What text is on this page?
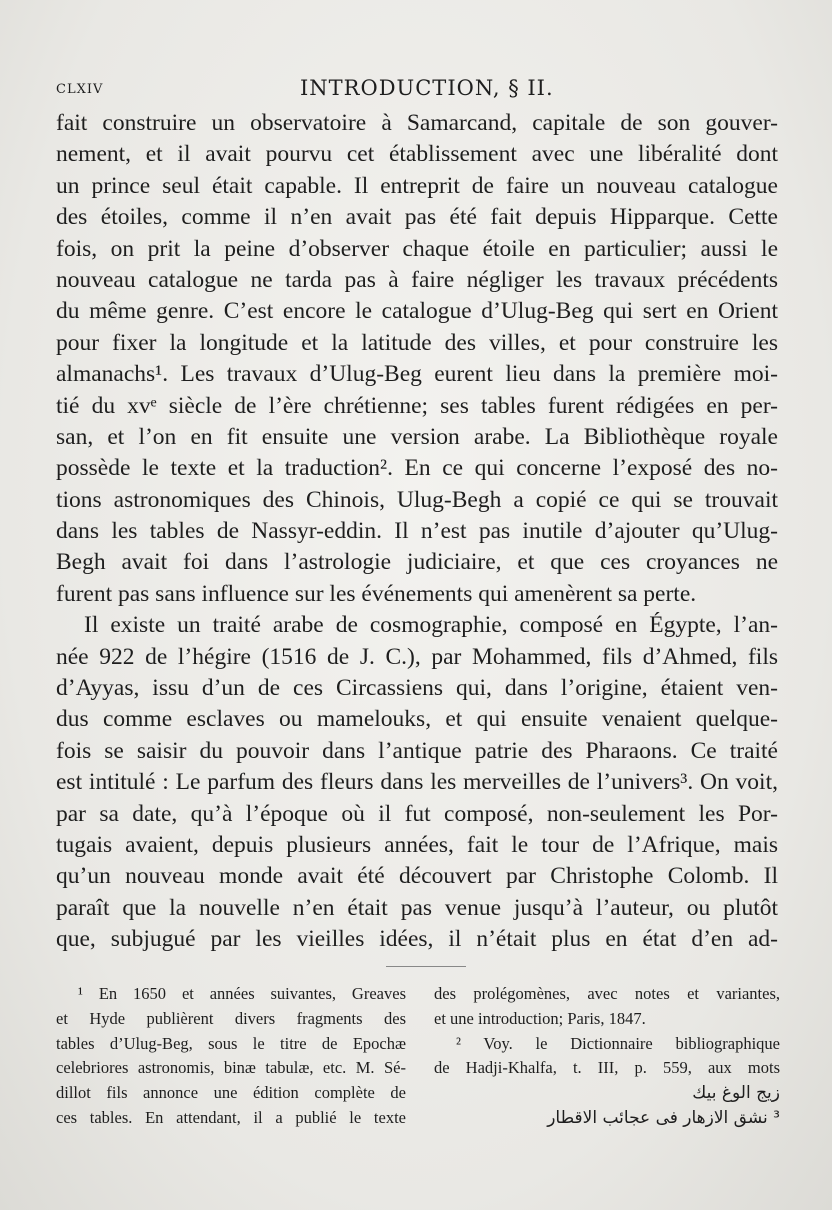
CLXIV	INTRODUCTION, § II.
fait construire un observatoire à Samarcand, capitale de son gouver-
nement, et il avait pourvu cet établissement avec une libéralité dont
un prince seul était capable. Il entreprit de faire un nouveau catalogue
des étoiles, comme il n’en avait pas été fait depuis Hipparque. Cette
fois, on prit la peine d’observer chaque étoile en particulier; aussi le
nouveau catalogue ne tarda pas à faire négliger les travaux précédents
du même genre. C’est encore le catalogue d’Ulug-Beg qui sert en Orient
pour fixer la longitude et la latitude des villes, et pour construire les
almanachs¹. Les travaux d’Ulug-Beg eurent lieu dans la première moi-
tié du xvᵉ siècle de l’ère chrétienne; ses tables furent rédigées en per-
san, et l’on en fit ensuite une version arabe. La Bibliothèque royale
possède le texte et la traduction². En ce qui concerne l’exposé des no-
tions astronomiques des Chinois, Ulug-Begh a copié ce qui se trouvait
dans les tables de Nassyr-eddin. Il n’est pas inutile d’ajouter qu’Ulug-
Begh avait foi dans l’astrologie judiciaire, et que ces croyances ne
furent pas sans influence sur les événements qui amenèrent sa perte.
Il existe un traité arabe de cosmographie, composé en Égypte, l’an-
née 922 de l’hégire (1516 de J. C.), par Mohammed, fils d’Ahmed, fils
d’Ayyas, issu d’un de ces Circassiens qui, dans l’origine, étaient ven-
dus comme esclaves ou mamelouks, et qui ensuite venaient quelque-
fois se saisir du pouvoir dans l’antique patrie des Pharaons. Ce traité
est intitulé : Le parfum des fleurs dans les merveilles de l’univers³. On voit,
par sa date, qu’à l’époque où il fut composé, non-seulement les Por-
tugais avaient, depuis plusieurs années, fait le tour de l’Afrique, mais
qu’un nouveau monde avait été découvert par Christophe Colomb. Il
paraît que la nouvelle n’en était pas venue jusqu’à l’auteur, ou plutôt
que, subjugué par les vieilles idées, il n’était plus en état d’en ad-
¹ En 1650 et années suivantes, Greaves
et Hyde publièrent divers fragments des
tables d’Ulug-Beg, sous le titre de Epochæ
celebriores astronomis, binæ tabulæ, etc. M. Sé-
dillot fils annonce une édition complète de
ces tables. En attendant, il a publié le texte
des prolégomènes, avec notes et variantes,
et une introduction; Paris, 1847.
² Voy. le Dictionnaire bibliographique
de Hadji-Khalfa, t. III, p. 559, aux mots
زيج الوغ بيك
³ نشق الازهار فى عجائب الاقطار
